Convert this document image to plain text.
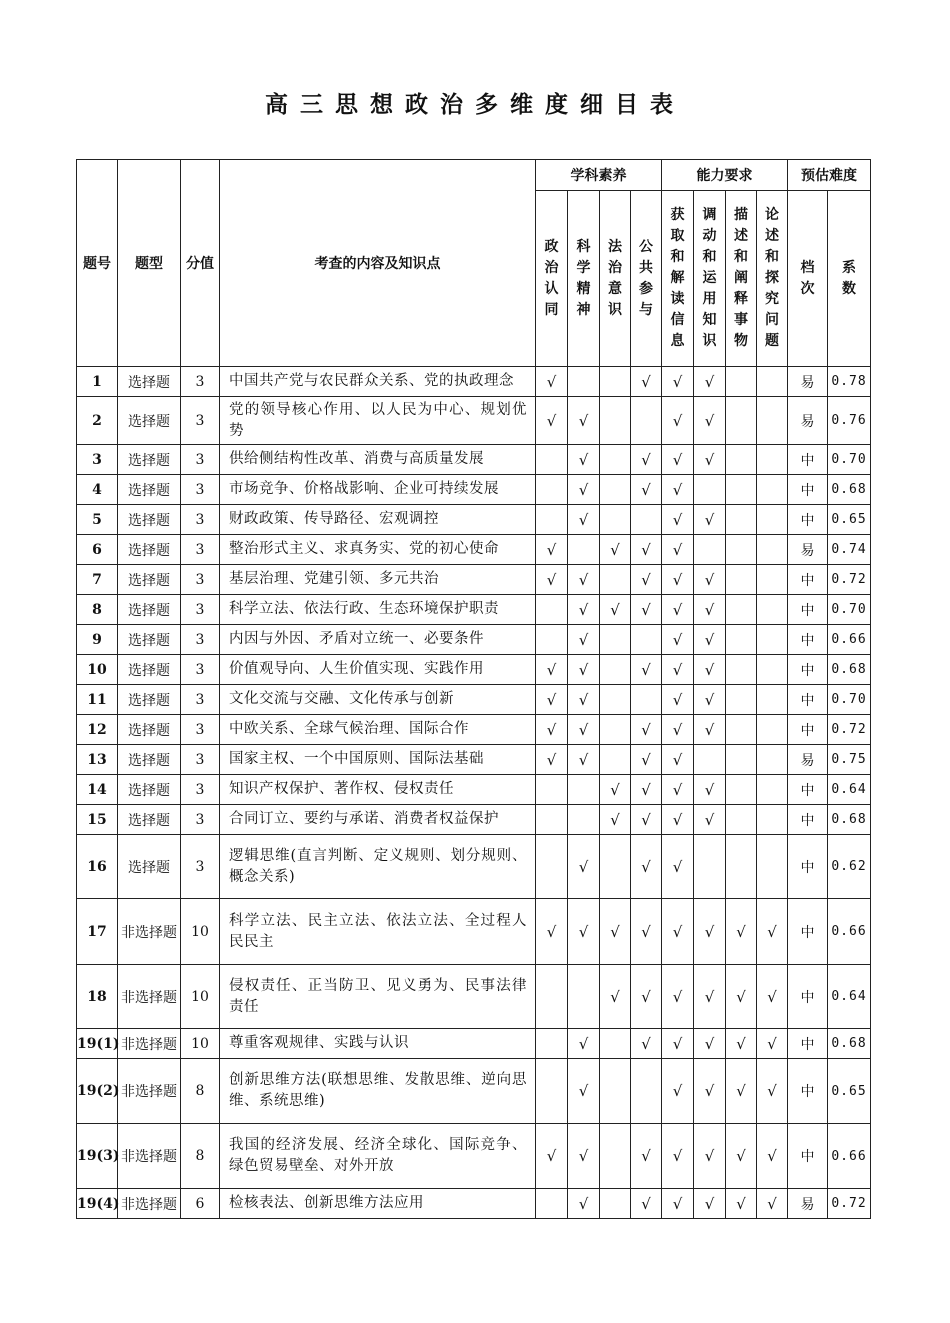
高三思想政治多维度细目表
题号	题型	分值	考查的内容及知识点	学科素养				能力要求				预估难度	
				政治认同	科学精神	法治意识	公共参与	获取和解读信息	调动和运用知识	描述和阐释事物	论述和探究问题	档次	系数
1	选择题	3	中国共产党与农民群众关系、党的执政理念	√			√	√	√			易	0.78
2	选择题	3	党的领导核心作用、以人民为中心、规划优势	√	√			√	√			易	0.76
3	选择题	3	供给侧结构性改革、消费与高质量发展		√		√	√	√			中	0.70
4	选择题	3	市场竞争、价格战影响、企业可持续发展		√		√	√				中	0.68
5	选择题	3	财政政策、传导路径、宏观调控		√			√	√			中	0.65
6	选择题	3	整治形式主义、求真务实、党的初心使命	√		√	√	√				易	0.74
7	选择题	3	基层治理、党建引领、多元共治	√	√		√	√	√			中	0.72
8	选择题	3	科学立法、依法行政、生态环境保护职责		√	√	√	√	√			中	0.70
9	选择题	3	内因与外因、矛盾对立统一、必要条件		√			√	√			中	0.66
10	选择题	3	价值观导向、人生价值实现、实践作用	√	√		√	√	√			中	0.68
11	选择题	3	文化交流与交融、文化传承与创新	√	√			√	√			中	0.70
12	选择题	3	中欧关系、全球气候治理、国际合作	√	√		√	√	√			中	0.72
13	选择题	3	国家主权、一个中国原则、国际法基础	√	√		√	√				易	0.75
14	选择题	3	知识产权保护、著作权、侵权责任			√	√	√	√			中	0.64
15	选择题	3	合同订立、要约与承诺、消费者权益保护			√	√	√	√			中	0.68
16	选择题	3	逻辑思维(直言判断、定义规则、划分规则、概念关系)		√		√	√				中	0.62
17	非选择题	10	科学立法、民主立法、依法立法、全过程人民民主	√	√	√	√	√	√	√	√	中	0.66
18	非选择题	10	侵权责任、正当防卫、见义勇为、民事法律责任			√	√	√	√	√	√	中	0.64
19(1)	非选择题	10	尊重客观规律、实践与认识		√		√	√	√	√	√	中	0.68
19(2)	非选择题	8	创新思维方法(联想思维、发散思维、逆向思维、系统思维)		√			√	√	√	√	中	0.65
19(3)	非选择题	8	我国的经济发展、经济全球化、国际竞争、绿色贸易壁垒、对外开放	√	√		√	√	√	√	√	中	0.66
19(4)	非选择题	6	检核表法、创新思维方法应用		√		√	√	√	√	√	易	0.72
